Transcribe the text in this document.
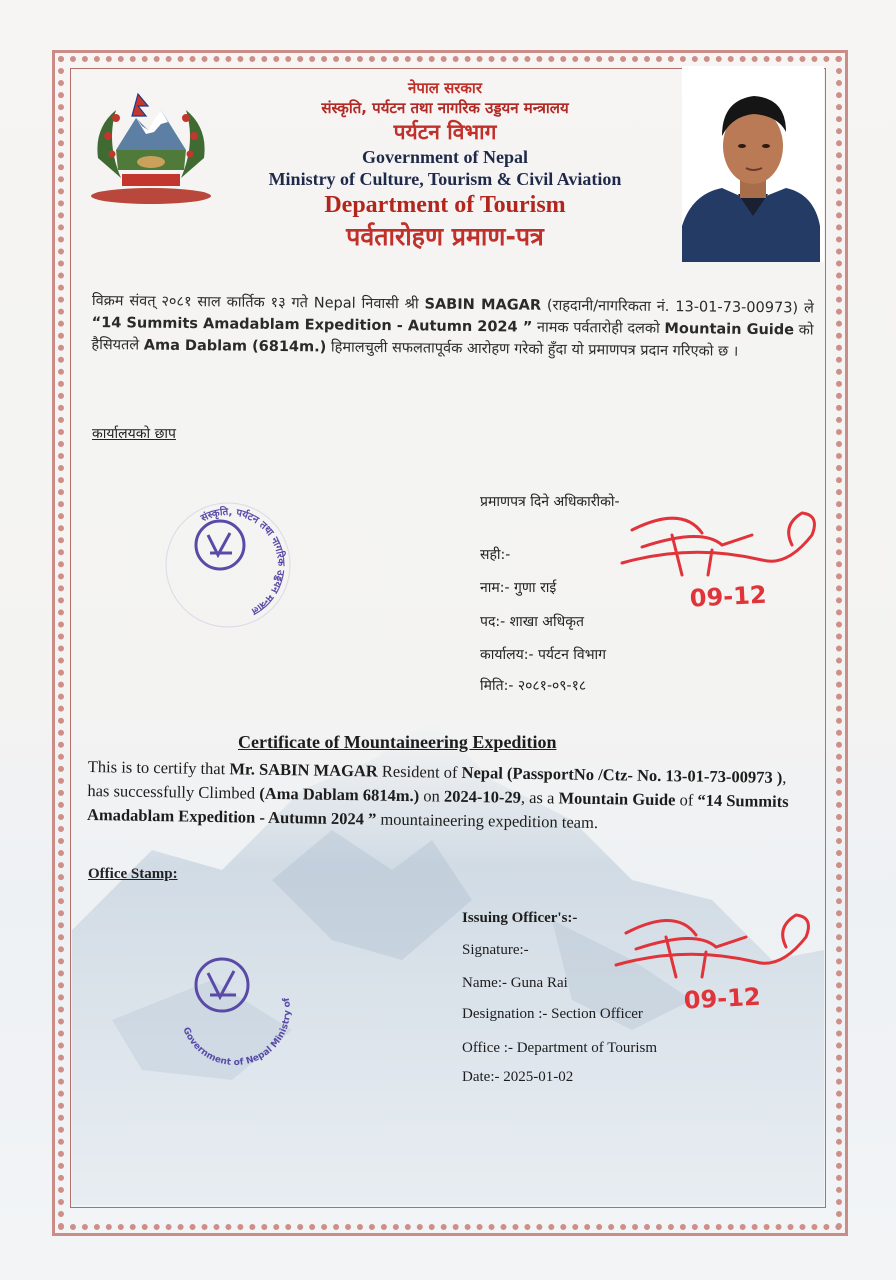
नेपाल सरकार
संस्कृति, पर्यटन तथा नागरिक उड्डयन मन्त्रालय
पर्यटन विभाग
Government of Nepal
Ministry of Culture, Tourism & Civil Aviation
Department of Tourism
पर्वतारोहण प्रमाण-पत्र
विक्रम संवत् २०८१ साल कार्तिक १३ गते Nepal निवासी श्री SABIN MAGAR (राहदानी/नागरिकता नं. 13-01-73-00973) ले “14 Summits Amadablam Expedition - Autumn 2024 ” नामक पर्वतारोही दलको Mountain Guide को हैसियतले Ama Dablam (6814m.) हिमालचुली सफलतापूर्वक आरोहण गरेको हुँदा यो प्रमाणपत्र प्रदान गरिएको छ ।
कार्यालयको छाप
प्रमाणपत्र दिने अधिकारीको-
सही:-
नाम:- गुणा राई
पद:- शाखा अधिकृत
कार्यालय:- पर्यटन विभाग
मिति:- २०८१-०९-१८
संस्कृति, पर्यटन तथा नागरिक उड्डयन मन्त्रालय
09-12
Certificate of Mountaineering Expedition
This is to certify that Mr. SABIN MAGAR Resident of Nepal (PassportNo /Ctz- No. 13-01-73-00973 ), has successfully Climbed (Ama Dablam 6814m.) on 2024-10-29, as a Mountain Guide of “14 Summits Amadablam Expedition - Autumn 2024 ” mountaineering expedition team.
Office Stamp:
Issuing Officer's:-
Signature:-
Name:- Guna Rai
Designation :- Section Officer
Office :- Department of Tourism
Date:- 2025-01-02
Government of Nepal Ministry of	09-12
